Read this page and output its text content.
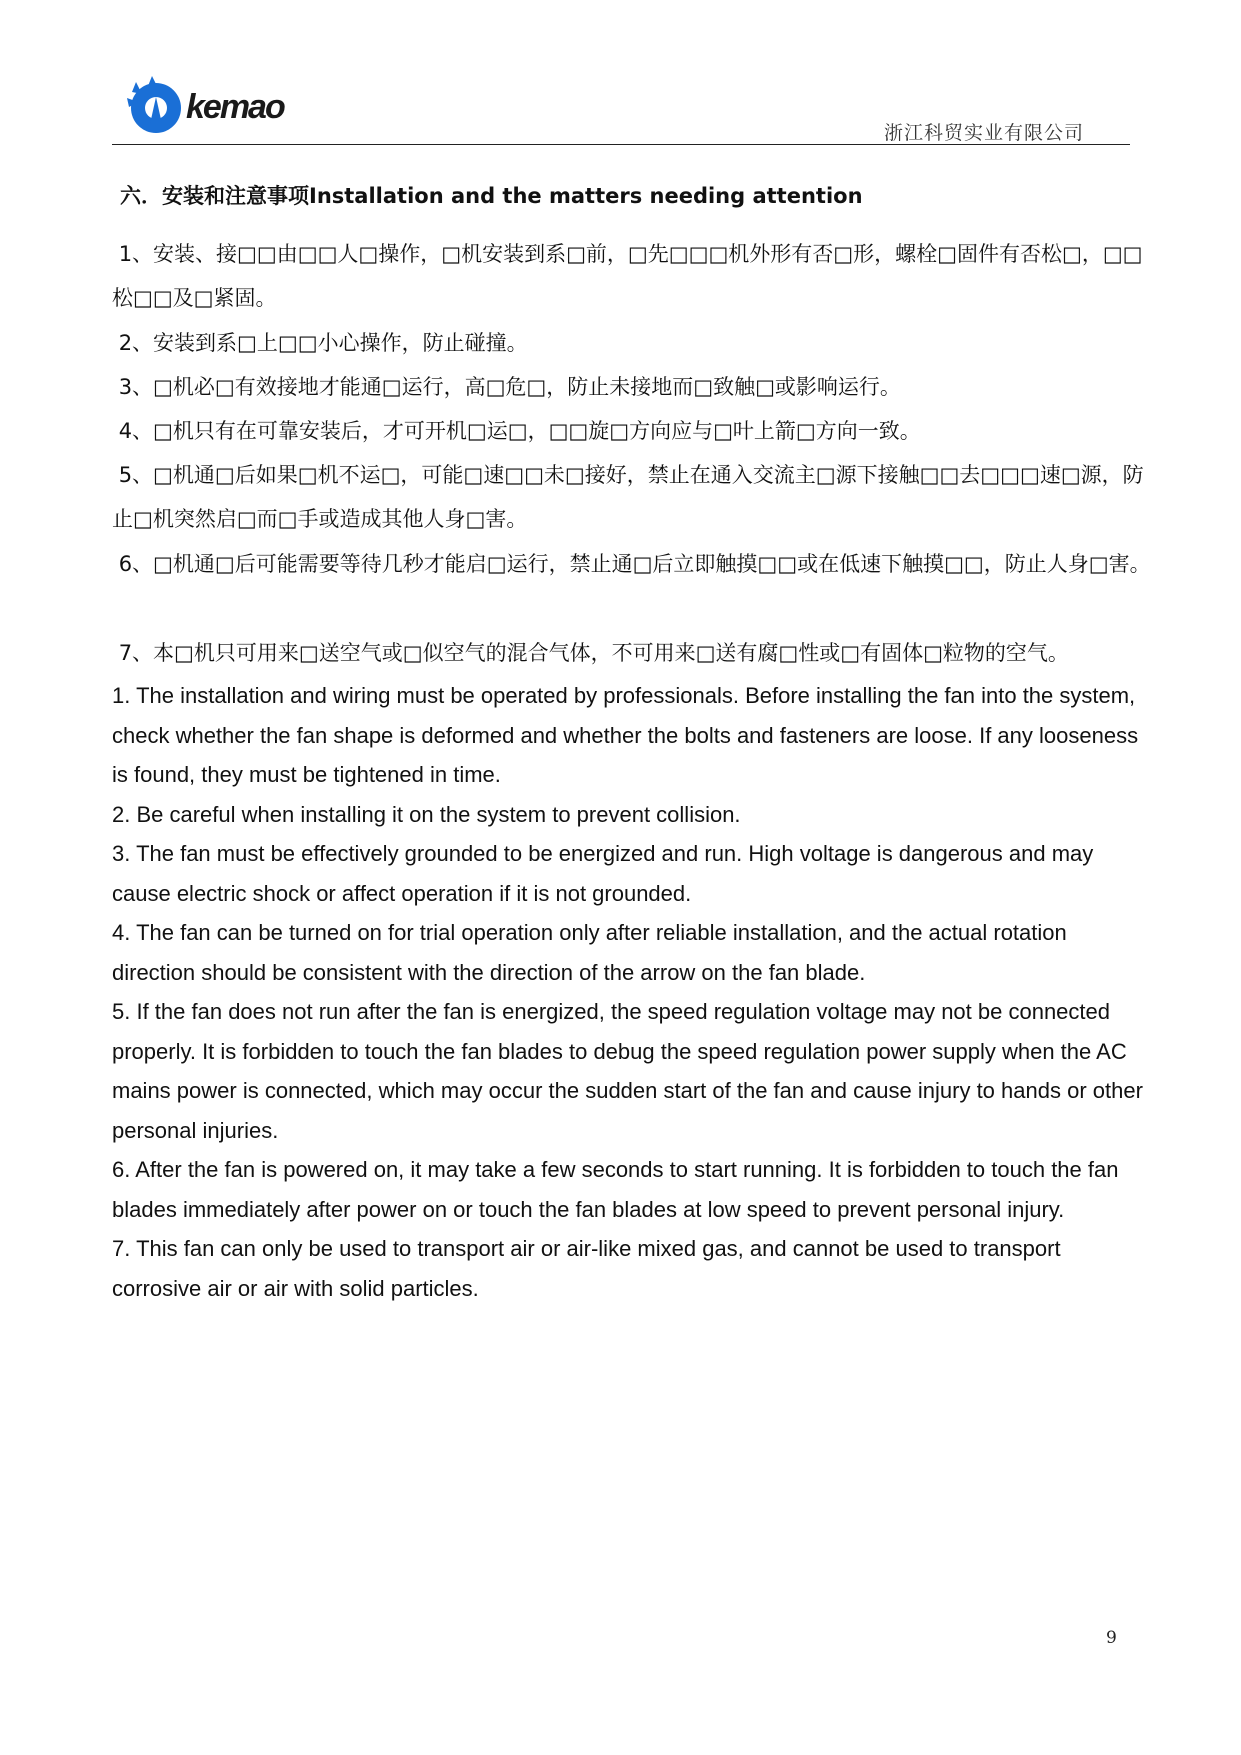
kemao
浙江科贸实业有限公司
六．安装和注意事项Installation and the matters needing attention

1、安装、接□□由□□人□操作，□机安装到系□前，□先□□□机外形有否□形，螺栓□固件有否松□，□□松□□及□紧固。

2、安装到系□上□□小心操作，防止碰撞。

3、□机必□有效接地才能通□运行，高□危□，防止未接地而□致触□或影响运行。

4、□机只有在可靠安装后，才可开机□运□，□□旋□方向应与□叶上箭□方向一致。

5、□机通□后如果□机不运□，可能□速□□未□接好，禁止在通入交流主□源下接触□□去□□□速□源，防止□机突然启□而□手或造成其他人身□害。

6、□机通□后可能需要等待几秒才能启□运行，禁止通□后立即触摸□□或在低速下触摸□□，防止人身□害。

7、本□机只可用来□送空气或□似空气的混合气体，不可用来□送有腐□性或□有固体□粒物的空气。

1. The installation and wiring must be operated by professionals. Before installing the fan into the system, check whether the fan shape is deformed and whether the bolts and fasteners are loose. If any looseness is found, they must be tightened in time.

2. Be careful when installing it on the system to prevent collision.

3. The fan must be effectively grounded to be energized and run. High voltage is dangerous and may cause electric shock or affect operation if it is not grounded.

4. The fan can be turned on for trial operation only after reliable installation, and the actual rotation direction should be consistent with the direction of the arrow on the fan blade.

5. If the fan does not run after the fan is energized, the speed regulation voltage may not be connected properly. It is forbidden to touch the fan blades to debug the speed regulation power supply when the AC mains power is connected, which may occur the sudden start of the fan and cause injury to hands or other personal injuries.

6. After the fan is powered on, it may take a few seconds to start running. It is forbidden to touch the fan blades immediately after power on or touch the fan blades at low speed to prevent personal injury.

7. This fan can only be used to transport air or air-like mixed gas, and cannot be used to transport corrosive air or air with solid particles.

9
